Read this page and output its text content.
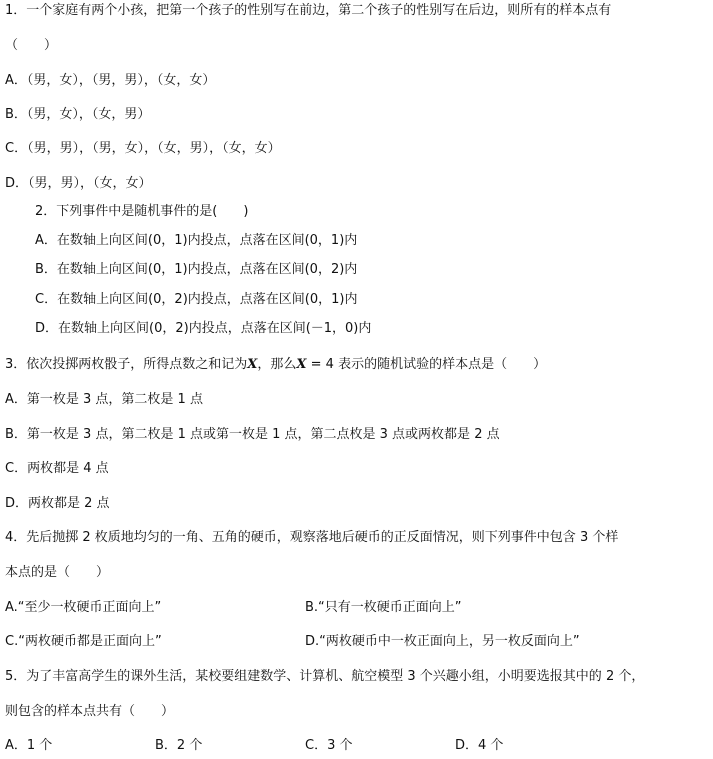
1．一个家庭有两个小孩，把第一个孩子的性别写在前边，第二个孩子的性别写在后边，则所有的样本点有
（　　）
A．（男，女），（男，男），（女，女）
B．（男，女），（女，男）
C．（男，男），（男，女），（女，男），（女，女）
D．（男，男），（女，女）
2．下列事件中是随机事件的是(　　)
A．在数轴上向区间(0，1)内投点，点落在区间(0，1)内
B．在数轴上向区间(0，1)内投点，点落在区间(0，2)内
C．在数轴上向区间(0，2)内投点，点落在区间(0，1)内
D．在数轴上向区间(0，2)内投点，点落在区间(－1，0)内
3．依次投掷两枚骰子，所得点数之和记为X，那么X = 4 表示的随机试验的样本点是（　　）
A．第一枚是 3 点，第二枚是 1 点
B．第一枚是 3 点，第二枚是 1 点或第一枚是 1 点，第二点枚是 3 点或两枚都是 2 点
C．两枚都是 4 点
D．两枚都是 2 点
4．先后抛掷 2 枚质地均匀的一角、五角的硬币，观察落地后硬币的正反面情况，则下列事件中包含 3 个样
本点的是（　　）
A.“至少一枚硬币正面向上”	B.“只有一枚硬币正面向上”
C.“两枚硬币都是正面向上”	D.“两枚硬币中一枚正面向上，另一枚反面向上”
5．为了丰富高学生的课外生活，某校要组建数学、计算机、航空模型 3 个兴趣小组，小明要选报其中的 2 个，
则包含的样本点共有（　　）
A．1 个	B．2 个	C．3 个	D．4 个
